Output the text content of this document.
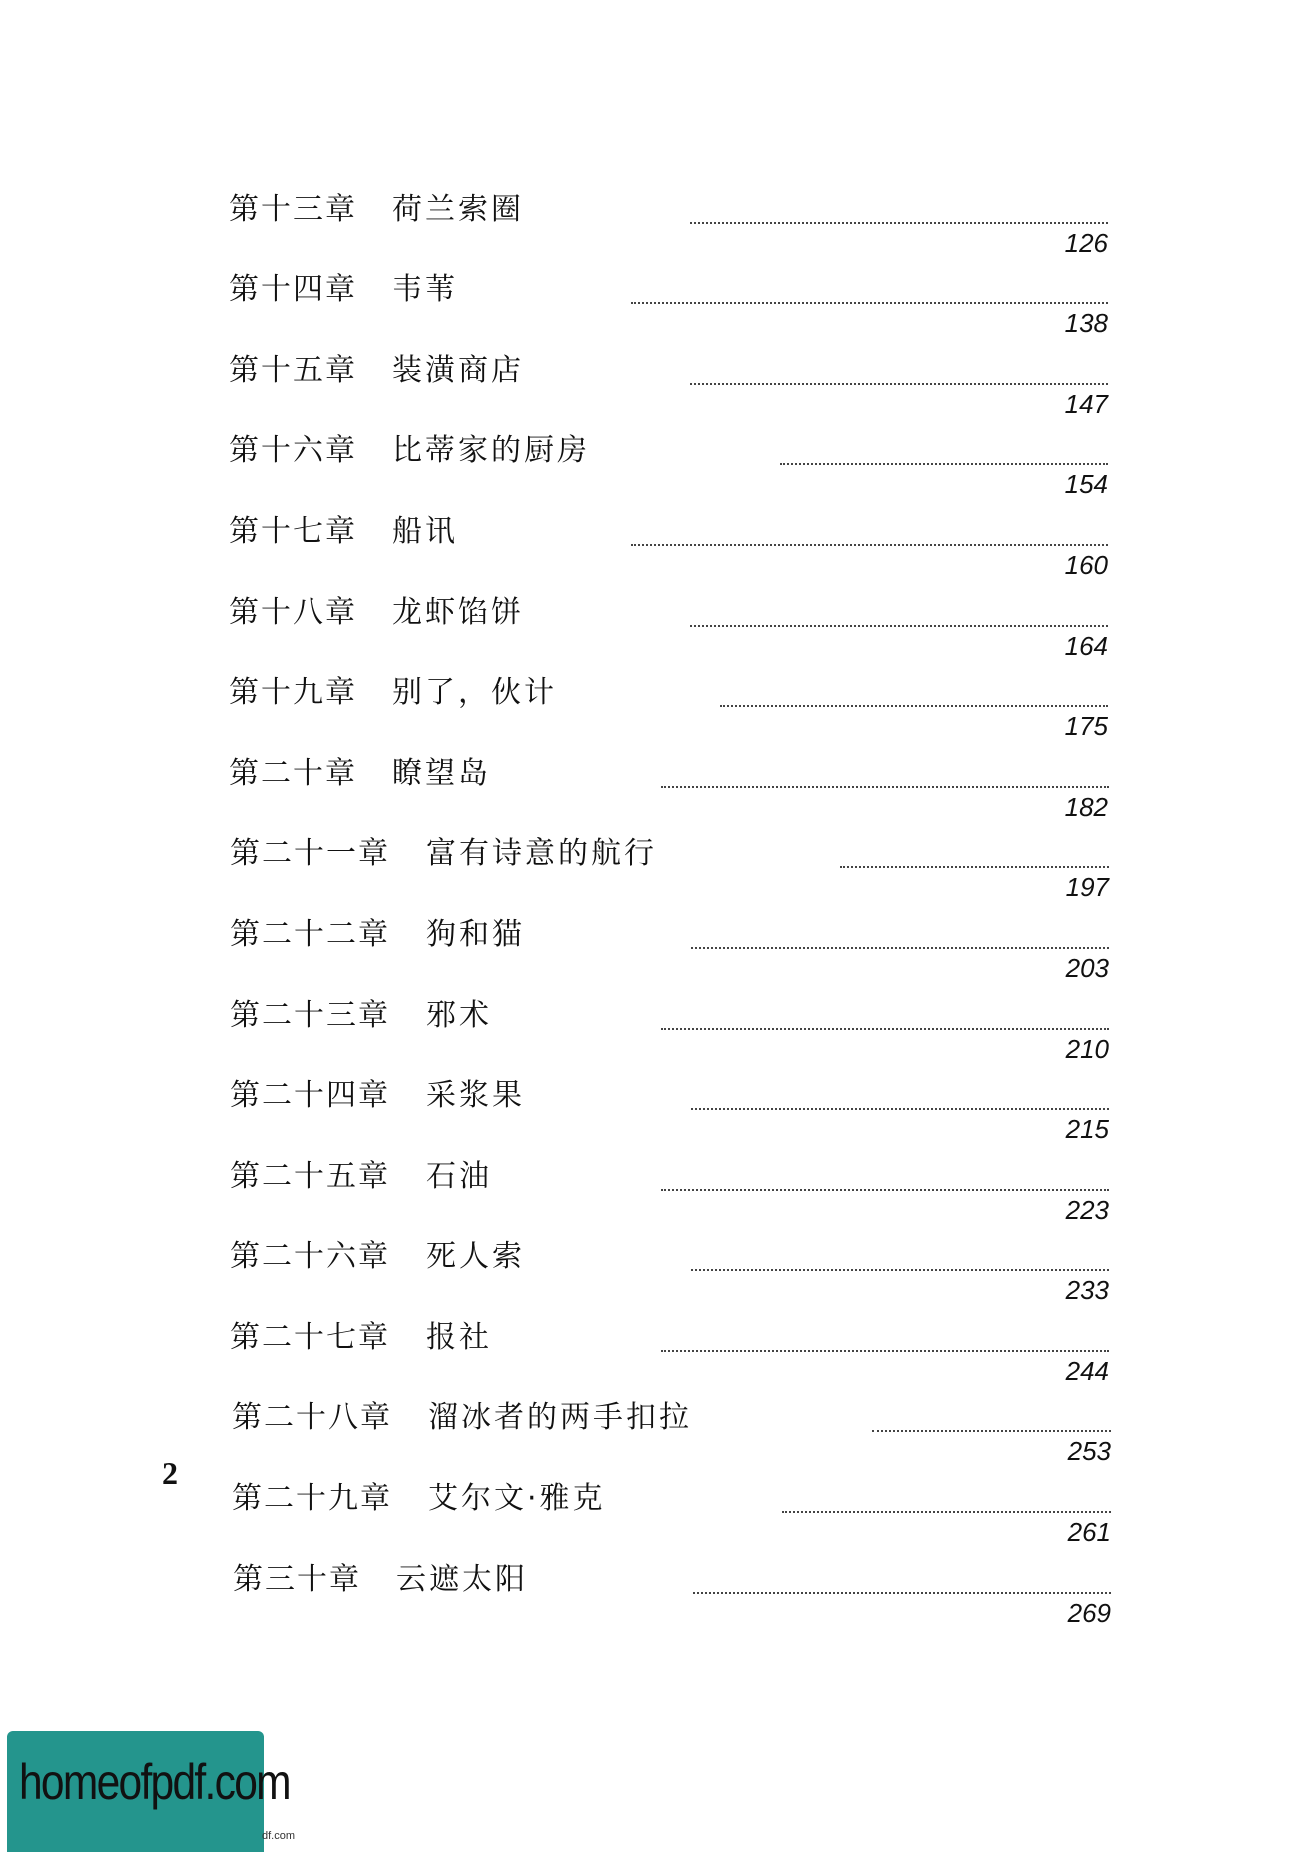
第十三章 荷兰索圈
126
第十四章 韦苇
138
第十五章 装潢商店
147
第十六章 比蒂家的厨房
154
第十七章 船讯
160
第十八章 龙虾馅饼
164
第十九章 别了，伙计
175
第二十章 瞭望岛
182
第二十一章 富有诗意的航行
197
第二十二章 狗和猫
203
第二十三章 邪术
210
第二十四章 采浆果
215
第二十五章 石油
223
第二十六章 死人索
233
第二十七章 报社
244
第二十八章 溜冰者的两手扣拉
253
第二十九章 艾尔文·雅克
261
第三十章 云遮太阳
269
2
homeofpdf.com
df.com
